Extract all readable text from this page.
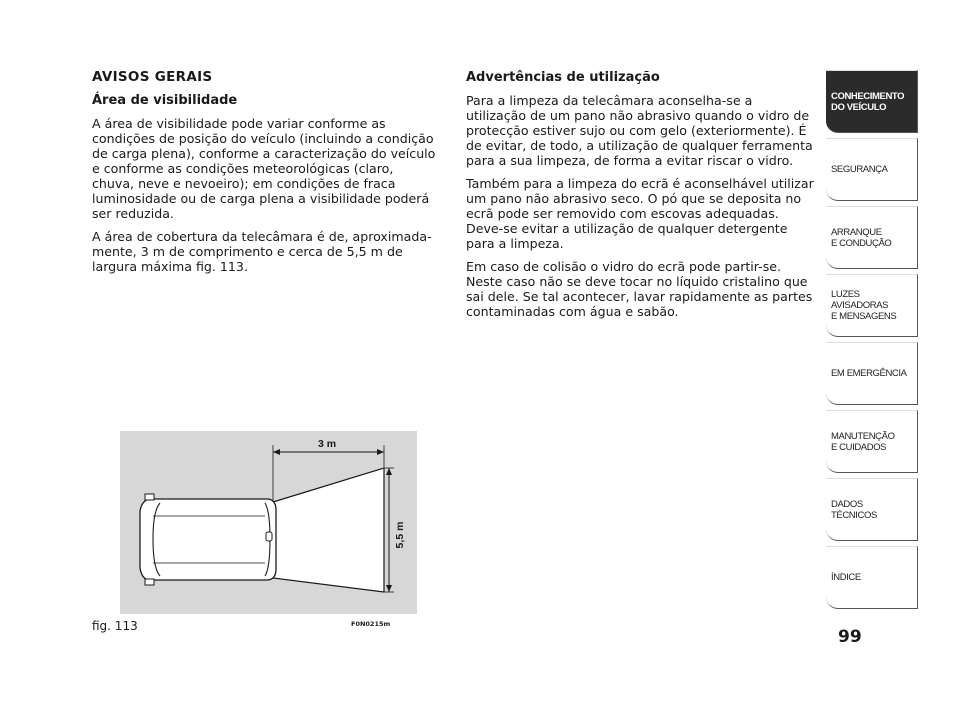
AVISOS GERAIS

Área de visibilidade

A área de visibilidade pode variar conforme as condições de posição do veículo (incluindo a condição de carga plena), conforme a caracterização do veículo e conforme as condições meteorológicas (claro, chuva, neve e nevoeiro); em condições de fraca luminosidade ou de carga plena a visibilidade poderá ser reduzida.

A área de cobertura da telecâmara é de, aproximada-mente, 3 m de comprimento e cerca de 5,5 m de largura máxima fig. 113.

Advertências de utilização

Para a limpeza da telecâmara aconselha-se a utilização de um pano não abrasivo quando o vidro de protecção estiver sujo ou com gelo (exteriormente). É de evitar, de todo, a utilização de qualquer ferramenta para a sua limpeza, de forma a evitar riscar o vidro.

Também para a limpeza do ecrã é aconselhável utilizar um pano não abrasivo seco. O pó que se deposita no ecrã pode ser removido com escovas adequadas. Deve-se evitar a utilização de qualquer detergente para a limpeza.

Em caso de colisão o vidro do ecrã pode partir-se. Neste caso não se deve tocar no líquido cristalino que sai dele. Se tal acontecer, lavar rapidamente as partes contaminadas com água e sabão.

3 m
5,5 m
fig. 113	F0N0215m
CONHECIMENTO
DO VEÍCULO
SEGURANÇA
ARRANQUE
E CONDUÇÃO
LUZES
AVISADORAS
E MENSAGENS
EM EMERGÊNCIA
MANUTENÇÃO
E CUIDADOS
DADOS
TÉCNICOS
ÍNDICE
99
